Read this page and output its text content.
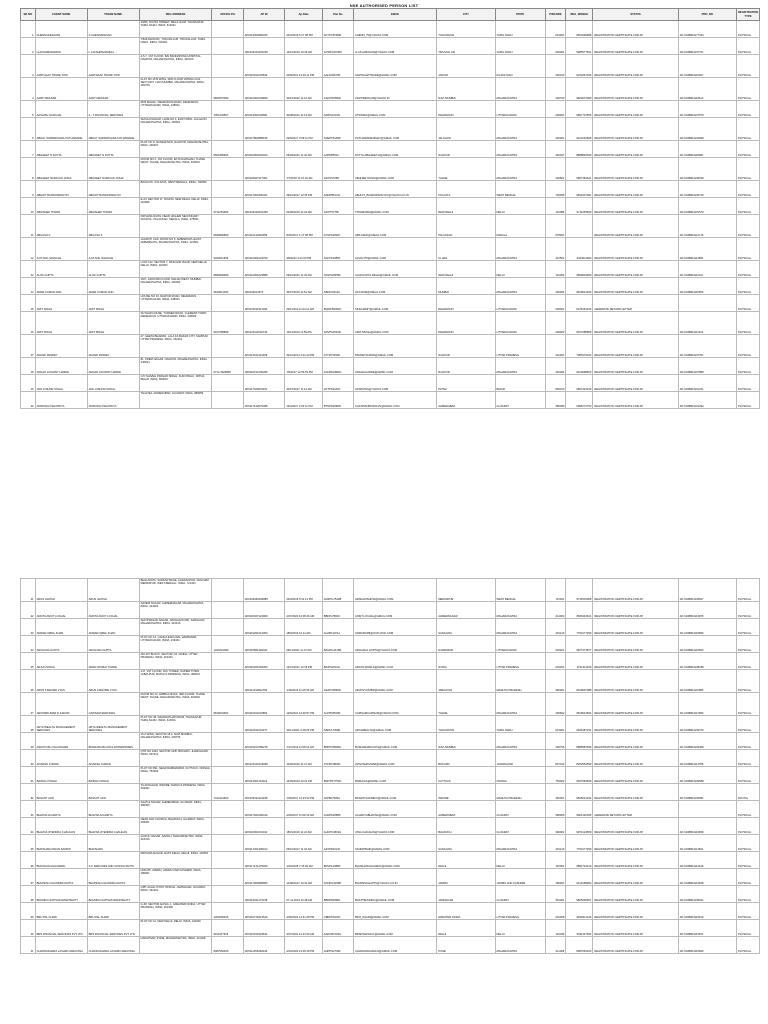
NSE AUTHORISED PERSON LIST
SR NO	CLIENT NAME	TRADE NAME	REG ADDRESS	OFFICE PH	AP ID	Ap Date	Pan No	EMAIL	CITY	STATE	PINCODE	REG_MOBILE	STATUS	PRO_NO	REGISTRATION TYPE
1	CHENNAKESAVAN	S CHENNAKESAN	23/80, SOUTH STREET, MELA ULUR, THANJAVUR, TAMIL NADU, INDIA, 613001		AP0113000080045	22/3/2019 5:17:38 PM	AKYPC8799M	CHENN_75@YAHOO.COM	THANJAVUR	TAMIL NADU	613001	9500499988	REGISTRATION CERTIFICATE FOR AP	AP-0108804177443	PHYSICAL
2	LLAKSHMANAMOH	L LAKSHMANAMOH	7/848 MAIN RD, ,TIRUVALLUR, TIRUVALLUR, TAMIL NADU, INDIA, 602001		AP0109101003239	14/01/2019 10:39 AM	ACWPL9706M	LLCKLAMOHAN@YAHOO.COM	TIRUVALLUR	TAMIL NADU	602001	9985577501	REGISTRATION CERTIFICATE FOR AP	AP-0108804107701	PHYSICAL
3	AARTHAAK TRADE TOW	AARTHAAK TRADE TOW	2-5-7, 1ST FLOOR, B/H BANNAPATHI HOSPITAL, NAGPUR, MAHARASHTRA, INDIA, 440010		AP0116911003539	22/8/2021 12:06:11 PM	AALFA6037B	AARTHAAPTRADE@GMAIL.COM	JAIPUR	RAJASTHAN	302010	9151867026	REGISTRATION CERTIFICATE FOR AP	AP-0108804116027	PHYSICAL
4	AARTI REKKAR	AARTI REKKAR	FLAT NO.15 B WING, 3RD FLOOR VRINDA CHS, SECTOR 5, NAVI MUMBAI, MAHARASHTRA, INDIA, 400709	9820670999	AP0112001003839	30/10/2022 11:10 AM	ASCPR7890D	AARTIREKKAR@YAHOO.IN	NAVI MUMBAI	MAHARASHTRA	400709	9820674099	REGISTRATION CERTIFICATE FOR AP	AP-0108804118613	PHYSICAL
5	AASHISH SANCHAL	A - T FINANCIAL SERVICES	68 B MAHAL, DEHRADUN ROAD, DEHRADUN, UTTARAKHAND, INDIA, 248001	1351234567	AP0113001006891	30/08/2012 11:13 AM	AINPS1001N	ATSINDIA@GMAIL.COM	DEHRADUN	UTTARAKHAND	248001	9897701556	REGISTRATION CERTIFICATE FOR AP	AP-0108804107579	PHYSICAL
6	ABHAY SHRIKRISHNA KOTHAWADE	ABHAY SHRIKRISHNA KOTHAWADE	SHIVAJI NAGAR, LANE NO 4, EAST RING, JALGAON, MAHARASHTRA, INDIA, 425001		AP0117802888195	22/5/2017 3:59:11 PM	ADEPK5199P	KOTHAWADEABHAY@GMAIL.COM	JALGAON	MAHARASHTRA	425001	9421094668	REGISTRATION CERTIFICATE FOR AP	AP-0108804104998	PHYSICAL
7	ABHIJEET N DUTTA	ABHIJEET N DUTTA	PLOT NO 9, NANDANVAN, NAGPUR, MAHARASHTRA, INDIA, 440027	9561895664	AP0110002002943	06/09/2021 11:42 AM	AJIPD8561C	DUTTA.ABHIJEET11@GMAIL.COM	NAGPUR	MAHARASHTRA	440027	8888820639	REGISTRATION CERTIFICATE FOR AP	AP-0108804118081	PHYSICAL
8	ABHIJEET NARAYAN JOSHI	ABHIJEET NARAYAN JOSHI	ROOM NO 2, 1ST FLOOR, EKTA DARSHAN, THANE WEST, THANE, MAHARASHTRA, INDIA, 400601		AP0118027917301	7/7/2018 11:15:15 AM	AIKPJ5705D	ABHIJEETJOSHI@GMAIL.COM	THANE	MAHARASHTRA	400601	9867481521	REGISTRATION CERTIFICATE FOR AP	AP-0108804106549	PHYSICAL
9	ABHIJIT BANDOPADHYAY	ABHIJIT BANDOPADHYAY	BAGUIATI, KOLKATA, WEST BENGAL, INDIA, 700059		AP0117001800441	29/10/2017 12:45 PM	ADDPB5131L	ABHIJIT_BANDOPADHYAY@YAHOO.CO.IN	KOLKATA	WEST BENGAL	700059	9831907091	REGISTRATION CERTIFICATE FOR AP	AP-0108804105746	PHYSICAL
10	ABHISHEK TIWARI	ABHISHEK TIWARI	E-2/1 SECTOR 17, ROHINI, NEW DELHI, DELHI, INDIA, 110089	9711253660	AP0109102001459	02/08/2015 11:44 AM	AIKPT5775F	TIWARIABHI@GMAIL.COM	NEW DELHI	DELHI	110089	9711253660	REGISTRATION CERTIFICATE FOR AP	AP-0108804101570	PHYSICAL
11	ABILASH K	ABILASH K	KRISHNA NIVAS, NEAR HIGHER SECONDARY SCHOOL, PALAKKAD, KERALA, INDIA, 678001	9946800869	AP0116111002659	8/26/2017 1:17:08 PM	AYSPK4691P	ABILASHK@GMAIL.COM	PALAKKAD	KERALA	678001		REGISTRATION CERTIFICATE FOR AP	AP-0108804112716	PHYSICAL
12	AJIT ANIL SAVAALE	AJIT ANIL SAVAALE	JAGRUTI CHS, ROOM NO 5, AMBARNATH EAST, AMBARNATH, MAHARASHTRA, INDIA, 421501	9323011693	AP0112001023799	4/8/2021 3:21:09 PM	AKFPS2085F	AJSAV175@GMAIL.COM	ULHAS	MAHARASHTRA	421501	9323011693	REGISTRATION CERTIFICATE FOR AP	AP-0108804111880	PHYSICAL
13	ALOK GUPTA	ALOK GUPTA	H NO 142, SECTOR 7, PASCHIM VIHAR, NEW DELHI, DELHI, INDIA, 110063	9899949999	AP0112001023888	09/10/2021 11:32 AM	AVGPG8359F	ALOKGUPTA.DELHI@GMAIL.COM	NEW DELHI	DELHI	110063	9899949999	REGISTRATION CERTIFICATE FOR AP	AP-0108804111141	PHYSICAL
14	AMAR KUMAR JAIN	AMAR KUMAR JAIN	15/C, GROUND FLOOR, MALAD WEST, MUMBAI, MAHARASHTRA, INDIA, 400064	9819614253	AP0109013673	30/07/2015 11:51 AM	ABKPJ2012C	AKJ.MUM@GMAIL.COM	MUMBAI	MAHARASHTRA	400064	9819614253	REGISTRATION CERTIFICATE FOR AP	AP-0108804116556	PHYSICAL
15	AMIT SINGH	AMIT SINGH	HOUSE NO 33, RAJPUR ROAD, DEHRADUN, UTTARAKHAND, INDIA, 248001		AP0120011511034	29/1/2012 11:04:31 AM	BQMPS0099C	SINGHAMIT@GMAIL.COM	DEHRADUN	UTTARAKHAND	248001	8445151433	GENERATE RETURN LETTER		PHYSICAL
16	AMIT SINGH	AMIT SINGH	SUTHAR HOUSE, TURNER ROAD, CLEMENT TOWN, DEHRADUN, UTTARAKHAND, INDIA, 248002	9917088899	AP0120111520743	13/11/2013 11:59 AM	ARVPS3543D	AMIT.SINGH@GMAIL.COM	DEHRADUN	UTTARAKHAND	248002	9917088899	REGISTRATION CERTIFICATE FOR AP	AP-0108804111022	PHYSICAL
17	ANAND PANDEY	ANAND PANDEY	27, GEETA BHAWAN, LALA KA BAZAR CITY, SAMPUR, UTTAR PRADESH, INDIA, 242001		AP0113011301469	31/01/2013 3:01:43 PM	ATYPP1293K	PANDEYANAND@GMAIL.COM	NAGPUR	UTTAR PRADESH	242001	7385476343	REGISTRATION CERTIFICATE FOR AP	AP-0108804107701	PHYSICAL
18	ANGAD JASVANT HARDE	ANGAD JASVANT HARDE	81, PREM NAGAR, NAGPUR, MAHARASHTRA, INDIA, 440024	0712 3029868	AP0116742135289	7/9/2017 12:06:53 PM	AGHPH0983G	ANGAD.HARDE@GMAIL.COM	NAGPUR	MAHARASHTRA	440024	9420998603	REGISTRATION CERTIFICATE FOR AP	AP-0108804107898	PHYSICAL
19	ANIL KISHOR SINGH	ANIL KISHOR SINGH	C/O SHIVEH PRASAD SINGH, KURJI BALU, PATNA, BIHAR, INDIA, 800010		AP0117029031151	20/07/2017 11:12 AM	AKTPS2162F	AKSPATNA@YAHOO.COM	PATNA	BIHAR	800010	9801323233	REGISTRATION CERTIFICATE FOR AP	AP-0108804101371	PHYSICAL
20	ANIRUDH KSHATRIYA	ANIRUDH KSHATRIYA	THALTEJ, AHMEDABAD, GUJARAT, INDIA, 380059		AP0117122079488	12/4/2017 2:04:11 PM	BTNPK0998N	KHATRIANIRUDH.RV@GMAIL.COM	AHMEDABAD	GUJARAT	380059	9998772750	REGISTRATION CERTIFICATE FOR AP	AP-0108804101292	PHYSICAL
21	ARUN GHOSH	ARUN GHOSH	BHALAPATA, SARKAR BAGE, KHARAGPUR, PASCHIM MEDINIPUR, WEST BENGAL, INDIA, 721301		AP0109460299985	22/3/2019 5:31:14 PM	AMFPG7543B	ARNGHOSHK93@GMAIL.COM	MEDINIPUR	WEST BENGAL	721301	9733533058	REGISTRATION CERTIFICATE FOR AP	AP-0108804106827	PHYSICAL
22	ANKITA ANKIT LOCHAL	ANKITA ANKIT LOCHAL	SAVEDI NAGAR, AHMEDNAGAR, MAHARASHTRA, INDIA, 414003		AP0116027124969	2/27/2020 10:08:46 AM	BBFPL7860C	ANKIT.LOCHAL@GMAIL.COM	AHMEDNAGAR	MAHARASHTRA	414003	8669116621	REGISTRATION CERTIFICATE FOR AP	AP-0108804113455	PHYSICAL
23	ANWAR IQBAL KHAN	ANWAR IQBAL KHAN	SHIVPRASAD NAGAR, NAVAGAON RD, SANGHAVI, MAHARASHTRA, INDIA, 416416		AP0119291014000	18/9/2019 10:14 AM	AHJPK4071A	ANWARAKB@OUTLOOK.COM	SANGHAVI	MAHARASHTRA	416416	7760177299	REGISTRATION CERTIFICATE FOR AP	AP-0108804118689	PHYSICAL
24	ARCHANA GUPTA	ARCHANA GUPTA	PLOT NO 14, GANGA ENCLAVE, HARIDWAR, UTTARAKHAND, INDIA, 249401	1334221099	AP0115581329441	09/11/2021 11:07 AM	BAGPG4415R	ARCHANA.GUPTA@YAHOO.COM	HARIDWAR	UTTARAKHAND	249401	9627374877	REGISTRATION CERTIFICATE FOR AP	AP-0108804116590	PHYSICAL
25	ARJUN SINGH	AMAN WORLD TRADE	AM-107 BLOCK, SECTOR -64, NOIDA, UTTAR PRADESH, INDIA, 201301		AP0116265193453	13/01/2021 12:18 PM	BIUPS2001G	ARJUN.WORLD@GMAIL.COM	NOIDA	UTTAR PRADESH	201301	9711311456	REGISTRATION CERTIFICATE FOR AP	AP-0108804108188	PHYSICAL
26	ARUN KISHORE VYAS	ARUN KISHORE VYAS	147, 1ST FLOOR, RVL TOWER, NAPIER TOWN, JABALPUR, MADHYA PRADESH, INDIA, 482001		AP0111311822799	1/16/2015 11:25:30 AM	AEAPV0899D	ARUNVYASJBP@GMAIL.COM	JABALPUR	MADHYA PRADESH	482001	8109997388	REGISTRATION CERTIFICATE FOR AP	AP-0108804115986	PHYSICAL
27	ARVINDKUMAR D KADAM	CAPISAM SERVICES	ROOM NO 23, AMBIKA NIVAS, 3RD FLOOR, THANE WEST, THANE, MAHARASHTRA, INDIA, 400602	9819044664	AP0116011023864	12/6/2021 12:09:57 PM	ALPPK8543R	CAPISAMCAPISAM@YAHOO.COM	THANE	MAHARASHTRA	400602	9819044664	REGISTRATION CERTIFICATE FOR AP	AP-0108804117993	PHYSICAL
28	ARYA WEALTH MANAGEMENT SERVICES	ARYA WEALTH MANAGEMENT SERVICES	PLOT NO 45, RAMANATHAPURAM, THANJAVUR, TAMIL NADU, INDIA, 613001		AP0116011024977	10/11/2021 3:48:29 PM	ABKFA7390E	ARYAWEALTH@GMAIL.COM	THANJAVUR	TAMIL NADU	613001	9944487231	REGISTRATION CERTIFICATE FOR AP	AP-0108804109470	PHYSICAL
29	ASHUTOSH CHAUDHARI	BUDHARA BLOCKS ENTERPRISES	15 A WING, SECTOR 18 A, NAVI MUMBAI, MAHARASHTRA, INDIA, 400706		AP0119017089278	7/17/2019 11:55:04 AM	BDPPC8538H	BUDHARABLOCKS@GMAIL.COM	NAVI MUMBAI	MAHARASHTRA	400706	8888987696	REGISTRATION CERTIFICATE FOR AP	AP-0108804105468	PHYSICAL
30	AVINASH KUMAR	AVINASH KUMAR	QTR NO 2434, SECTOR 12/B, BOKARO, JHARKHAND, INDIA, 827012		AP0120100019999	10/06/2020 11:47 AM	AYFPK4800D	AVINASHKUMAR@GMAIL.COM	BOKARO	JHARKHAND	827012	8252952599	REGISTRATION CERTIFICATE FOR AP	AP-0108804114785	PHYSICAL
31	BAIRAGI SINGH	BAIRAGI SINGH	PLOT NO 891, NEAR RAMMANDIR, CUTTACK, ODISHA, INDIA, 753002		AP0114001104119	12/09/2019 12:22 PM	BWTPS7751D	BAIRAGIS@GMAIL.COM	CUTTACK	ODISHA	753002	9937583659	REGISTRATION CERTIFICATE FOR AP	AP-0108804109688	PHYSICAL
32	BASANT JAIN	BASANT JAIN	TILAKNAGAR, INDORE, MADHYA PRADESH, INDIA, 452001	7312413600	AP0109101221188	7/26/2017 12:43:32 PM	AFPBJ7995A	BASANTJAINDEVI@GMAIL.COM	INDORE	MADHYA PRADESH	452001	9826001234	REGISTRATION CERTIFICATE FOR AP	AP-0108804106981	DIGITAL
33	BHAVNA ACHARYA	BHAVNA ACHARYA	SAATHI NAGAR, AHMEDABAD, GUJARAT, INDIA, 380005		AP0117922409419	2/26/2017 11:09:16 AM	ACRPA4888K	ACHARYABHAVNA@GMAIL.COM	AHMEDABAD	GUJARAT	380005	9904132035	GENERATE RETURN LETTER		PHYSICAL
34	BHAVNA JITENDRA CHAUHAN	BHAVNA JITENDRA CHAUHAN	NEAR OLD CHURCH, BHARUCH, GUJARAT, INDIA, 392001		AP0116001001011	18/01/2016 11:24 AM	AHCPC1819H	ATHLCHAUHAN@YAHOO.COM	BHARUCH	GUJARAT	392001	9974124809	REGISTRATION CERTIFICATE FOR AP	AP-0108804110999	PHYSICAL
35	BHIKSHAM ANJAN SANDIP	BHIKSHAM	GOKUL NAGAR, SANGLI, MAHARASHTRA, INDIA, 416416		AP0117201306914	05/10/2017 11:32 AM	AZXPS6014F	SANDIPBHIK@GMAIL.COM	SANGHAVI	MAHARASHTRA	416416	7760177299	REGISTRATION CERTIFICATE FOR AP	AP-0108804114661	PHYSICAL
36	BHUSHAN AGGARWAL	S K SERVICES AND CONSULTANTS	KRISHNA NAGAR, EAST DELHI, DELHI, INDIA, 110051		AP0117121479929	1/23/2018 7:15:39 AM	BDVPA1388P	BHUSHANAGGAWAL@GMAIL.COM	DELHI	DELHI	110051	9891724313	REGISTRATION CERTIFICATE FOR AP	AP-0108804112446	PHYSICAL
37	BHUPESH CHANDRA GUPTA	BHUPESH CHANDRA GUPTA	HNO-85, JAMMU, JAMMU AND KASHMIR, INDIA, 180001		AP0117960680866	14/08/2017 10:32 AM	ACNPG3299P	BHUPESHGUPTA@YAHOO.CO.IN	JAMMU	JAMMU AND KASHMIR	180001	9419189993	REGISTRATION CERTIFICATE FOR AP	AP-0108804114498	PHYSICAL
38	BHUMIKA SATISHKUMAR BHATT	BHUMIKA SATISHKUMAR BHATT	OPP. AKHLIJ POST OFFICE, JAMNAGAR, GUJARAT, INDIA, 361001		AP0113031173318	07-11-2019 10:48 AM	BBNPB0398L	BHATTBHUMIKA@GMAIL.COM	JAMNAGAR	GUJARAT	361001	9825306607	REGISTRATION CERTIFICATE FOR AP	AP-0108804106621	PHYSICAL
39	BRIJ PAL KHARI	BRIJ PAL KHARI	G-38, SECTOR ALPHA -1, GREATER NOIDA, UTTAR PRADESH, INDIA, 201308	1202600916	AP0116716213549	2/26/2022 12:51:28 PM	CBRPK6445J	BRIJ_KHARI@GMAIL.COM	GREATER NOIDA	UTTAR PRADESH	201308	9818411246	REGISTRATION CERTIFICATE FOR AP	AP-0108804115919	PHYSICAL
40	BRS FINANCIAL SERVICES PVT LTD	BRS FINANCIAL SERVICES PVT LTD	PLOT NO 11, NEW DELHI, DELHI, INDIA, 110049	9911347663	AP0116011923644	3/27/2022 12:23:30 AM	AADCB7293H	BRSFINANCIAL@GMAIL.COM	DELHI	DELHI	110049	9911347663	REGISTRATION CERTIFICATE FOR AP	AP-0108804116631	PHYSICAL
41	CHAKRADHARA LASHMI NARAYANA	CHAKRADHARA LASHMI NARAYANA	HADAPSAR, PUNE, MAHARASHTRA, INDIA, 411028	8087652460	AP0111356284446	2/23/2022 12:09:18 PM	AHPPN2739F	CHAKRADHARALN@GMAIL.COM	PUNE	MAHARASHTRA	411028	8087652460	REGISTRATION CERTIFICATE FOR AP	AP-0108804116699	PHYSICAL
